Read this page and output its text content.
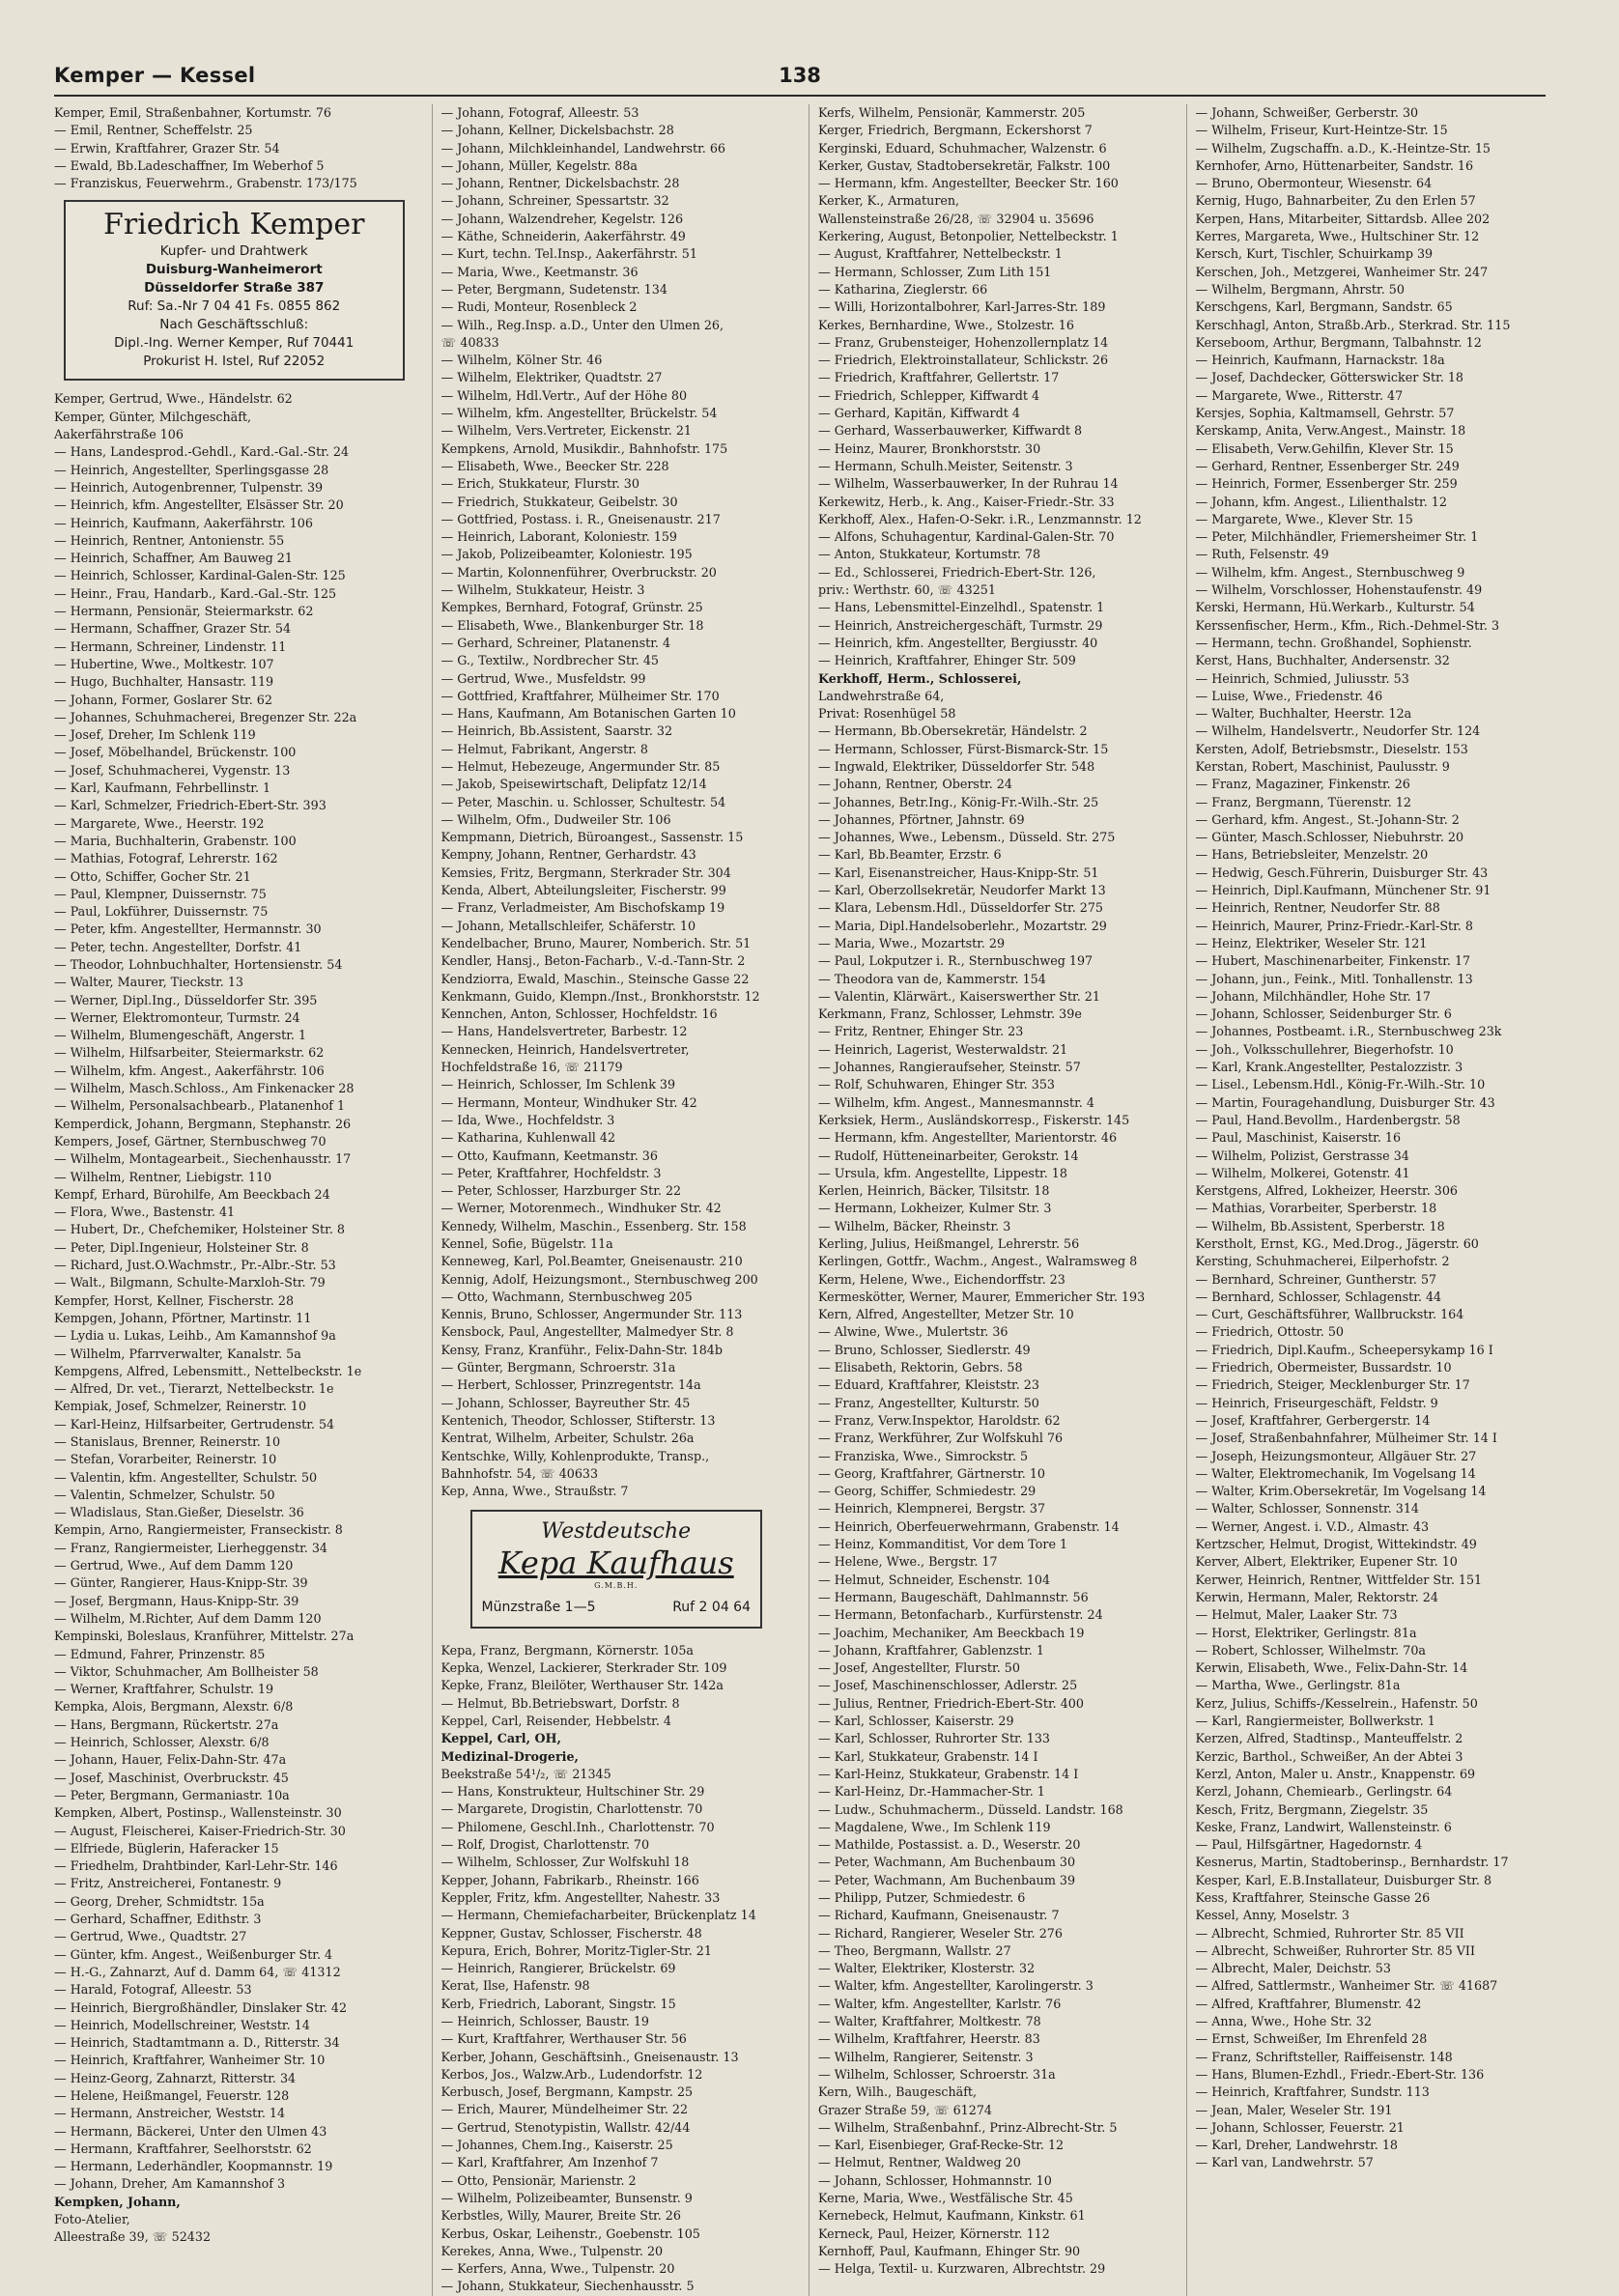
Kemper — Kessel	138
Kemper, Emil, Straßenbahner, Kortumstr. 76
— Emil, Rentner, Scheffelstr. 25
— Erwin, Kraftfahrer, Grazer Str. 54
— Ewald, Bb.Ladeschaffner, Im Weberhof 5
— Franziskus, Feuerwehrm., Grabenstr. 173/175
Friedrich Kemper
Kupfer- und Drahtwerk
Duisburg-Wanheimerort
Düsseldorfer Straße 387
Ruf: Sa.-Nr 7 04 41 Fs. 0855 862
Nach Geschäftsschluß:
Dipl.-Ing. Werner Kemper, Ruf 70441
Prokurist H. Istel, Ruf 22052
Kemper, Gertrud, Wwe., Händelstr. 62
Kemper, Günter, Milchgeschäft,
Aakerfährstraße 106
— Hans, Landesprod.-Gehdl., Kard.-Gal.-Str. 24
— Heinrich, Angestellter, Sperlingsgasse 28
— Heinrich, Autogenbrenner, Tulpenstr. 39
— Heinrich, kfm. Angestellter, Elsässer Str. 20
— Heinrich, Kaufmann, Aakerfährstr. 106
— Heinrich, Rentner, Antonienstr. 55
— Heinrich, Schaffner, Am Bauweg 21
— Heinrich, Schlosser, Kardinal-Galen-Str. 125
— Heinr., Frau, Handarb., Kard.-Gal.-Str. 125
— Hermann, Pensionär, Steiermarkstr. 62
— Hermann, Schaffner, Grazer Str. 54
— Hermann, Schreiner, Lindenstr. 11
— Hubertine, Wwe., Moltkestr. 107
— Hugo, Buchhalter, Hansastr. 119
— Johann, Former, Goslarer Str. 62
— Johannes, Schuhmacherei, Bregenzer Str. 22a
— Josef, Dreher, Im Schlenk 119
— Josef, Möbelhandel, Brückenstr. 100
— Josef, Schuhmacherei, Vygenstr. 13
— Karl, Kaufmann, Fehrbellinstr. 1
— Karl, Schmelzer, Friedrich-Ebert-Str. 393
— Margarete, Wwe., Heerstr. 192
— Maria, Buchhalterin, Grabenstr. 100
— Mathias, Fotograf, Lehrerstr. 162
— Otto, Schiffer, Gocher Str. 21
— Paul, Klempner, Duissernstr. 75
— Paul, Lokführer, Duissernstr. 75
— Peter, kfm. Angestellter, Hermannstr. 30
— Peter, techn. Angestellter, Dorfstr. 41
— Theodor, Lohnbuchhalter, Hortensienstr. 54
— Walter, Maurer, Tieckstr. 13
— Werner, Dipl.Ing., Düsseldorfer Str. 395
— Werner, Elektromonteur, Turmstr. 24
— Wilhelm, Blumengeschäft, Angerstr. 1
— Wilhelm, Hilfsarbeiter, Steiermarkstr. 62
— Wilhelm, kfm. Angest., Aakerfährstr. 106
— Wilhelm, Masch.Schloss., Am Finkenacker 28
— Wilhelm, Personalsachbearb., Platanenhof 1
Kemperdick, Johann, Bergmann, Stephanstr. 26
Kempers, Josef, Gärtner, Sternbuschweg 70
— Wilhelm, Montagearbeit., Siechenhausstr. 17
— Wilhelm, Rentner, Liebigstr. 110
Kempf, Erhard, Bürohilfe, Am Beeckbach 24
— Flora, Wwe., Bastenstr. 41
— Hubert, Dr., Chefchemiker, Holsteiner Str. 8
— Peter, Dipl.Ingenieur, Holsteiner Str. 8
— Richard, Just.O.Wachmstr., Pr.-Albr.-Str. 53
— Walt., Bilgmann, Schulte-Marxloh-Str. 79
Kempfer, Horst, Kellner, Fischerstr. 28
Kempgen, Johann, Pförtner, Martinstr. 11
— Lydia u. Lukas, Leihb., Am Kamannshof 9a
— Wilhelm, Pfarrverwalter, Kanalstr. 5a
Kempgens, Alfred, Lebensmitt., Nettelbeckstr. 1e
— Alfred, Dr. vet., Tierarzt, Nettelbeckstr. 1e
Kempiak, Josef, Schmelzer, Reinerstr. 10
— Karl-Heinz, Hilfsarbeiter, Gertrudenstr. 54
— Stanislaus, Brenner, Reinerstr. 10
— Stefan, Vorarbeiter, Reinerstr. 10
— Valentin, kfm. Angestellter, Schulstr. 50
— Valentin, Schmelzer, Schulstr. 50
— Wladislaus, Stan.Gießer, Dieselstr. 36
Kempin, Arno, Rangiermeister, Franseckistr. 8
— Franz, Rangiermeister, Lierheggenstr. 34
— Gertrud, Wwe., Auf dem Damm 120
— Günter, Rangierer, Haus-Knipp-Str. 39
— Josef, Bergmann, Haus-Knipp-Str. 39
— Wilhelm, M.Richter, Auf dem Damm 120
Kempinski, Boleslaus, Kranführer, Mittelstr. 27a
— Edmund, Fahrer, Prinzenstr. 85
— Viktor, Schuhmacher, Am Bollheister 58
— Werner, Kraftfahrer, Schulstr. 19
Kempka, Alois, Bergmann, Alexstr. 6/8
— Hans, Bergmann, Rückertstr. 27a
— Heinrich, Schlosser, Alexstr. 6/8
— Johann, Hauer, Felix-Dahn-Str. 47a
— Josef, Maschinist, Overbruckstr. 45
— Peter, Bergmann, Germaniastr. 10a
Kempken, Albert, Postinsp., Wallensteinstr. 30
— August, Fleischerei, Kaiser-Friedrich-Str. 30
— Elfriede, Büglerin, Haferacker 15
— Friedhelm, Drahtbinder, Karl-Lehr-Str. 146
— Fritz, Anstreicherei, Fontanestr. 9
— Georg, Dreher, Schmidtstr. 15a
— Gerhard, Schaffner, Edithstr. 3
— Gertrud, Wwe., Quadtstr. 27
— Günter, kfm. Angest., Weißenburger Str. 4
— H.-G., Zahnarzt, Auf d. Damm 64, ☏ 41312
— Harald, Fotograf, Alleestr. 53
— Heinrich, Biergroßhändler, Dinslaker Str. 42
— Heinrich, Modellschreiner, Weststr. 14
— Heinrich, Stadtamtmann a. D., Ritterstr. 34
— Heinrich, Kraftfahrer, Wanheimer Str. 10
— Heinz-Georg, Zahnarzt, Ritterstr. 34
— Helene, Heißmangel, Feuerstr. 128
— Hermann, Anstreicher, Weststr. 14
— Hermann, Bäckerei, Unter den Ulmen 43
— Hermann, Kraftfahrer, Seelhorststr. 62
— Hermann, Lederhändler, Koopmannstr. 19
— Johann, Dreher, Am Kamannshof 3
Kempken, Johann,
Foto-Atelier,
Alleestraße 39, ☏ 52432
— Johann, Fotograf, Alleestr. 53
— Johann, Kellner, Dickelsbachstr. 28
— Johann, Milchkleinhandel, Landwehrstr. 66
— Johann, Müller, Kegelstr. 88a
— Johann, Rentner, Dickelsbachstr. 28
— Johann, Schreiner, Spessartstr. 32
— Johann, Walzendreher, Kegelstr. 126
— Käthe, Schneiderin, Aakerfährstr. 49
— Kurt, techn. Tel.Insp., Aakerfährstr. 51
— Maria, Wwe., Keetmanstr. 36
— Peter, Bergmann, Sudetenstr. 134
— Rudi, Monteur, Rosenbleck 2
— Wilh., Reg.Insp. a.D., Unter den Ulmen 26,
☏ 40833
— Wilhelm, Kölner Str. 46
— Wilhelm, Elektriker, Quadtstr. 27
— Wilhelm, Hdl.Vertr., Auf der Höhe 80
— Wilhelm, kfm. Angestellter, Brückelstr. 54
— Wilhelm, Vers.Vertreter, Eickenstr. 21
Kempkens, Arnold, Musikdir., Bahnhofstr. 175
— Elisabeth, Wwe., Beecker Str. 228
— Erich, Stukkateur, Flurstr. 30
— Friedrich, Stukkateur, Geibelstr. 30
— Gottfried, Postass. i. R., Gneisenaustr. 217
— Heinrich, Laborant, Koloniestr. 159
— Jakob, Polizeibeamter, Koloniestr. 195
— Martin, Kolonnenführer, Overbruckstr. 20
— Wilhelm, Stukkateur, Heistr. 3
Kempkes, Bernhard, Fotograf, Grünstr. 25
— Elisabeth, Wwe., Blankenburger Str. 18
— Gerhard, Schreiner, Platanenstr. 4
— G., Textilw., Nordbrecher Str. 45
— Gertrud, Wwe., Musfeldstr. 99
— Gottfried, Kraftfahrer, Mülheimer Str. 170
— Hans, Kaufmann, Am Botanischen Garten 10
— Heinrich, Bb.Assistent, Saarstr. 32
— Helmut, Fabrikant, Angerstr. 8
— Helmut, Hebezeuge, Angermunder Str. 85
— Jakob, Speisewirtschaft, Delipfatz 12/14
— Peter, Maschin. u. Schlosser, Schultestr. 54
— Wilhelm, Ofm., Dudweiler Str. 106
Kempmann, Dietrich, Büroangest., Sassenstr. 15
Kempny, Johann, Rentner, Gerhardstr. 43
Kemsies, Fritz, Bergmann, Sterkrader Str. 304
Kenda, Albert, Abteilungsleiter, Fischerstr. 99
— Franz, Verladmeister, Am Bischofskamp 19
— Johann, Metallschleifer, Schäferstr. 10
Kendelbacher, Bruno, Maurer, Nomberich. Str. 51
Kendler, Hansj., Beton-Facharb., V.-d.-Tann-Str. 2
Kendziorra, Ewald, Maschin., Steinsche Gasse 22
Kenkmann, Guido, Klempn./Inst., Bronkhorststr. 12
Kennchen, Anton, Schlosser, Hochfeldstr. 16
— Hans, Handelsvertreter, Barbestr. 12
Kennecken, Heinrich, Handelsvertreter,
Hochfeldstraße 16, ☏ 21179
— Heinrich, Schlosser, Im Schlenk 39
— Hermann, Monteur, Windhuker Str. 42
— Ida, Wwe., Hochfeldstr. 3
— Katharina, Kuhlenwall 42
— Otto, Kaufmann, Keetmanstr. 36
— Peter, Kraftfahrer, Hochfeldstr. 3
— Peter, Schlosser, Harzburger Str. 22
— Werner, Motorenmech., Windhuker Str. 42
Kennedy, Wilhelm, Maschin., Essenberg. Str. 158
Kennel, Sofie, Bügelstr. 11a
Kenneweg, Karl, Pol.Beamter, Gneisenaustr. 210
Kennig, Adolf, Heizungsmont., Sternbuschweg 200
— Otto, Wachmann, Sternbuschweg 205
Kennis, Bruno, Schlosser, Angermunder Str. 113
Kensbock, Paul, Angestellter, Malmedyer Str. 8
Kensy, Franz, Kranführ., Felix-Dahn-Str. 184b
— Günter, Bergmann, Schroerstr. 31a
— Herbert, Schlosser, Prinzregentstr. 14a
— Johann, Schlosser, Bayreuther Str. 45
Kentenich, Theodor, Schlosser, Stifterstr. 13
Kentrat, Wilhelm, Arbeiter, Schulstr. 26a
Kentschke, Willy, Kohlenprodukte, Transp.,
Bahnhofstr. 54, ☏ 40633
Kep, Anna, Wwe., Straußstr. 7
Westdeutsche
Kepa Kaufhaus
G.M.B.H.
Münzstraße 1—5	Ruf 2 04 64
Kepa, Franz, Bergmann, Körnerstr. 105a
Kepka, Wenzel, Lackierer, Sterkrader Str. 109
Kepke, Franz, Bleilöter, Werthauser Str. 142a
— Helmut, Bb.Betriebswart, Dorfstr. 8
Keppel, Carl, Reisender, Hebbelstr. 4
Keppel, Carl, OH,
Medizinal-Drogerie,
Beekstraße 54¹/₂, ☏ 21345
— Hans, Konstrukteur, Hultschiner Str. 29
— Margarete, Drogistin, Charlottenstr. 70
— Philomene, Geschl.Inh., Charlottenstr. 70
— Rolf, Drogist, Charlottenstr. 70
— Wilhelm, Schlosser, Zur Wolfskuhl 18
Kepper, Johann, Fabrikarb., Rheinstr. 166
Keppler, Fritz, kfm. Angestellter, Nahestr. 33
— Hermann, Chemiefacharbeiter, Brückenplatz 14
Keppner, Gustav, Schlosser, Fischerstr. 48
Kepura, Erich, Bohrer, Moritz-Tigler-Str. 21
— Heinrich, Rangierer, Brückelstr. 69
Kerat, Ilse, Hafenstr. 98
Kerb, Friedrich, Laborant, Singstr. 15
— Heinrich, Schlosser, Baustr. 19
— Kurt, Kraftfahrer, Werthauser Str. 56
Kerber, Johann, Geschäftsinh., Gneisenaustr. 13
Kerbos, Jos., Walzw.Arb., Ludendorfstr. 12
Kerbusch, Josef, Bergmann, Kampstr. 25
— Erich, Maurer, Mündelheimer Str. 22
— Gertrud, Stenotypistin, Wallstr. 42/44
— Johannes, Chem.Ing., Kaiserstr. 25
— Karl, Kraftfahrer, Am Inzenhof 7
— Otto, Pensionär, Marienstr. 2
— Wilhelm, Polizeibeamter, Bunsenstr. 9
Kerbstles, Willy, Maurer, Breite Str. 26
Kerbus, Oskar, Leihenstr., Goebenstr. 105
Kerekes, Anna, Wwe., Tulpenstr. 20
— Kerfers, Anna, Wwe., Tulpenstr. 20
— Johann, Stukkateur, Siechenhausstr. 5
Kerfs, Wilhelm, Pensionär, Kammerstr. 205
Kerger, Friedrich, Bergmann, Eckershorst 7
Kerginski, Eduard, Schuhmacher, Walzenstr. 6
Kerker, Gustav, Stadtobersekretär, Falkstr. 100
— Hermann, kfm. Angestellter, Beecker Str. 160
Kerker, K., Armaturen,
Wallensteinstraße 26/28, ☏ 32904 u. 35696
Kerkering, August, Betonpolier, Nettelbeckstr. 1
— August, Kraftfahrer, Nettelbeckstr. 1
— Hermann, Schlosser, Zum Lith 151
— Katharina, Zieglerstr. 66
— Willi, Horizontalbohrer, Karl-Jarres-Str. 189
Kerkes, Bernhardine, Wwe., Stolzestr. 16
— Franz, Grubensteiger, Hohenzollernplatz 14
— Friedrich, Elektroinstallateur, Schlickstr. 26
— Friedrich, Kraftfahrer, Gellertstr. 17
— Friedrich, Schlepper, Kiffwardt 4
— Gerhard, Kapitän, Kiffwardt 4
— Gerhard, Wasserbauwerker, Kiffwardt 8
— Heinz, Maurer, Bronkhorststr. 30
— Hermann, Schulh.Meister, Seitenstr. 3
— Wilhelm, Wasserbauwerker, In der Ruhrau 14
Kerkewitz, Herb., k. Ang., Kaiser-Friedr.-Str. 33
Kerkhoff, Alex., Hafen-O-Sekr. i.R., Lenzmannstr. 12
— Alfons, Schuhagentur, Kardinal-Galen-Str. 70
— Anton, Stukkateur, Kortumstr. 78
— Ed., Schlosserei, Friedrich-Ebert-Str. 126,
priv.: Werthstr. 60, ☏ 43251
— Hans, Lebensmittel-Einzelhdl., Spatenstr. 1
— Heinrich, Anstreichergeschäft, Turmstr. 29
— Heinrich, kfm. Angestellter, Bergiusstr. 40
— Heinrich, Kraftfahrer, Ehinger Str. 509
Kerkhoff, Herm., Schlosserei,
Landwehrstraße 64,
Privat: Rosenhügel 58
— Hermann, Bb.Obersekretär, Händelstr. 2
— Hermann, Schlosser, Fürst-Bismarck-Str. 15
— Ingwald, Elektriker, Düsseldorfer Str. 548
— Johann, Rentner, Oberstr. 24
— Johannes, Betr.Ing., König-Fr.-Wilh.-Str. 25
— Johannes, Pförtner, Jahnstr. 69
— Johannes, Wwe., Lebensm., Düsseld. Str. 275
— Karl, Bb.Beamter, Erzstr. 6
— Karl, Eisenanstreicher, Haus-Knipp-Str. 51
— Karl, Oberzollsekretär, Neudorfer Markt 13
— Klara, Lebensm.Hdl., Düsseldorfer Str. 275
— Maria, Dipl.Handelsoberlehr., Mozartstr. 29
— Maria, Wwe., Mozartstr. 29
— Paul, Lokputzer i. R., Sternbuschweg 197
— Theodora van de, Kammerstr. 154
— Valentin, Klärwärt., Kaiserswerther Str. 21
Kerkmann, Franz, Schlosser, Lehmstr. 39e
— Fritz, Rentner, Ehinger Str. 23
— Heinrich, Lagerist, Westerwaldstr. 21
— Johannes, Rangieraufseher, Steinstr. 57
— Rolf, Schuhwaren, Ehinger Str. 353
— Wilhelm, kfm. Angest., Mannesmannstr. 4
Kerksiek, Herm., Ausländskorresp., Fiskerstr. 145
— Hermann, kfm. Angestellter, Marientorstr. 46
— Rudolf, Hütteneinarbeiter, Gerokstr. 14
— Ursula, kfm. Angestellte, Lippestr. 18
Kerlen, Heinrich, Bäcker, Tilsitstr. 18
— Hermann, Lokheizer, Kulmer Str. 3
— Wilhelm, Bäcker, Rheinstr. 3
Kerling, Julius, Heißmangel, Lehrerstr. 56
Kerlingen, Gottfr., Wachm., Angest., Walramsweg 8
Kerm, Helene, Wwe., Eichendorffstr. 23
Kermeskötter, Werner, Maurer, Emmericher Str. 193
Kern, Alfred, Angestellter, Metzer Str. 10
— Alwine, Wwe., Mulertstr. 36
— Bruno, Schlosser, Siedlerstr. 49
— Elisabeth, Rektorin, Gebrs. 58
— Eduard, Kraftfahrer, Kleiststr. 23
— Franz, Angestellter, Kulturstr. 50
— Franz, Verw.Inspektor, Haroldstr. 62
— Franz, Werkführer, Zur Wolfskuhl 76
— Franziska, Wwe., Simrockstr. 5
— Georg, Kraftfahrer, Gärtnerstr. 10
— Georg, Schiffer, Schmiedestr. 29
— Heinrich, Klempnerei, Bergstr. 37
— Heinrich, Oberfeuerwehrmann, Grabenstr. 14
— Heinz, Kommanditist, Vor dem Tore 1
— Helene, Wwe., Bergstr. 17
— Helmut, Schneider, Eschenstr. 104
— Hermann, Baugeschäft, Dahlmannstr. 56
— Hermann, Betonfacharb., Kurfürstenstr. 24
— Joachim, Mechaniker, Am Beeckbach 19
— Johann, Kraftfahrer, Gablenzstr. 1
— Josef, Angestellter, Flurstr. 50
— Josef, Maschinenschlosser, Adlerstr. 25
— Julius, Rentner, Friedrich-Ebert-Str. 400
— Karl, Schlosser, Kaiserstr. 29
— Karl, Schlosser, Ruhrorter Str. 133
— Karl, Stukkateur, Grabenstr. 14 I
— Karl-Heinz, Stukkateur, Grabenstr. 14 I
— Karl-Heinz, Dr.-Hammacher-Str. 1
— Ludw., Schuhmacherm., Düsseld. Landstr. 168
— Magdalene, Wwe., Im Schlenk 119
— Mathilde, Postassist. a. D., Weserstr. 20
— Peter, Wachmann, Am Buchenbaum 30
— Peter, Wachmann, Am Buchenbaum 39
— Philipp, Putzer, Schmiedestr. 6
— Richard, Kaufmann, Gneisenaustr. 7
— Richard, Rangierer, Weseler Str. 276
— Theo, Bergmann, Wallstr. 27
— Walter, Elektriker, Klosterstr. 32
— Walter, kfm. Angestellter, Karolingerstr. 3
— Walter, kfm. Angestellter, Karlstr. 76
— Walter, Kraftfahrer, Moltkestr. 78
— Wilhelm, Kraftfahrer, Heerstr. 83
— Wilhelm, Rangierer, Seitenstr. 3
— Wilhelm, Schlosser, Schroerstr. 31a
Kern, Wilh., Baugeschäft,
Grazer Straße 59, ☏ 61274
— Wilhelm, Straßenbahnf., Prinz-Albrecht-Str. 5
— Karl, Eisenbieger, Graf-Recke-Str. 12
— Helmut, Rentner, Waldweg 20
— Johann, Schlosser, Hohmannstr. 10
Kerne, Maria, Wwe., Westfälische Str. 45
Kernebeck, Helmut, Kaufmann, Kinkstr. 61
Kerneck, Paul, Heizer, Körnerstr. 112
Kernhoff, Paul, Kaufmann, Ehinger Str. 90
— Helga, Textil- u. Kurzwaren, Albrechtstr. 29
— Johann, Schweißer, Gerberstr. 30
— Wilhelm, Friseur, Kurt-Heintze-Str. 15
— Wilhelm, Zugschaffn. a.D., K.-Heintze-Str. 15
Kernhofer, Arno, Hüttenarbeiter, Sandstr. 16
— Bruno, Obermonteur, Wiesenstr. 64
Kernig, Hugo, Bahnarbeiter, Zu den Erlen 57
Kerpen, Hans, Mitarbeiter, Sittardsb. Allee 202
Kerres, Margareta, Wwe., Hultschiner Str. 12
Kersch, Kurt, Tischler, Schuirkamp 39
Kerschen, Joh., Metzgerei, Wanheimer Str. 247
— Wilhelm, Bergmann, Ahrstr. 50
Kerschgens, Karl, Bergmann, Sandstr. 65
Kerschhagl, Anton, Straßb.Arb., Sterkrad. Str. 115
Kerseboom, Arthur, Bergmann, Talbahnstr. 12
— Heinrich, Kaufmann, Harnackstr. 18a
— Josef, Dachdecker, Götterswicker Str. 18
— Margarete, Wwe., Ritterstr. 47
Kersjes, Sophia, Kaltmamsell, Gehrstr. 57
Kerskamp, Anita, Verw.Angest., Mainstr. 18
— Elisabeth, Verw.Gehilfin, Klever Str. 15
— Gerhard, Rentner, Essenberger Str. 249
— Heinrich, Former, Essenberger Str. 259
— Johann, kfm. Angest., Lilienthalstr. 12
— Margarete, Wwe., Klever Str. 15
— Peter, Milchhändler, Friemersheimer Str. 1
— Ruth, Felsenstr. 49
— Wilhelm, kfm. Angest., Sternbuschweg 9
— Wilhelm, Vorschlosser, Hohenstaufenstr. 49
Kerski, Hermann, Hü.Werkarb., Kulturstr. 54
Kerssenfischer, Herm., Kfm., Rich.-Dehmel-Str. 3
— Hermann, techn. Großhandel, Sophienstr.
Kerst, Hans, Buchhalter, Andersenstr. 32
— Heinrich, Schmied, Juliusstr. 53
— Luise, Wwe., Friedenstr. 46
— Walter, Buchhalter, Heerstr. 12a
— Wilhelm, Handelsvertr., Neudorfer Str. 124
Kersten, Adolf, Betriebsmstr., Dieselstr. 153
Kerstan, Robert, Maschinist, Paulusstr. 9
— Franz, Magaziner, Finkenstr. 26
— Franz, Bergmann, Tüerenstr. 12
— Gerhard, kfm. Angest., St.-Johann-Str. 2
— Günter, Masch.Schlosser, Niebuhrstr. 20
— Hans, Betriebsleiter, Menzelstr. 20
— Hedwig, Gesch.Führerin, Duisburger Str. 43
— Heinrich, Dipl.Kaufmann, Münchener Str. 91
— Heinrich, Rentner, Neudorfer Str. 88
— Heinrich, Maurer, Prinz-Friedr.-Karl-Str. 8
— Heinz, Elektriker, Weseler Str. 121
— Hubert, Maschinenarbeiter, Finkenstr. 17
— Johann, jun., Feink., Mitl. Tonhallenstr. 13
— Johann, Milchhändler, Hohe Str. 17
— Johann, Schlosser, Seidenburger Str. 6
— Johannes, Postbeamt. i.R., Sternbuschweg 23k
— Joh., Volksschullehrer, Biegerhofstr. 10
— Karl, Krank.Angestellter, Pestalozzistr. 3
— Lisel., Lebensm.Hdl., König-Fr.-Wilh.-Str. 10
— Martin, Fouragehandlung, Duisburger Str. 43
— Paul, Hand.Bevollm., Hardenbergstr. 58
— Paul, Maschinist, Kaiserstr. 16
— Wilhelm, Polizist, Gerstrasse 34
— Wilhelm, Molkerei, Gotenstr. 41
Kerstgens, Alfred, Lokheizer, Heerstr. 306
— Mathias, Vorarbeiter, Sperberstr. 18
— Wilhelm, Bb.Assistent, Sperberstr. 18
Kerstholt, Ernst, KG., Med.Drog., Jägerstr. 60
Kersting, Schuhmacherei, Eilperhofstr. 2
— Bernhard, Schreiner, Guntherstr. 57
— Bernhard, Schlosser, Schlagenstr. 44
— Curt, Geschäftsführer, Wallbruckstr. 164
— Friedrich, Ottostr. 50
— Friedrich, Dipl.Kaufm., Scheepersykamp 16 I
— Friedrich, Obermeister, Bussardstr. 10
— Friedrich, Steiger, Mecklenburger Str. 17
— Heinrich, Friseurgeschäft, Feldstr. 9
— Josef, Kraftfahrer, Gerbergerstr. 14
— Josef, Straßenbahnfahrer, Mülheimer Str. 14 I
— Joseph, Heizungsmonteur, Allgäuer Str. 27
— Walter, Elektromechanik, Im Vogelsang 14
— Walter, Krim.Obersekretär, Im Vogelsang 14
— Walter, Schlosser, Sonnenstr. 314
— Werner, Angest. i. V.D., Almastr. 43
Kertzscher, Helmut, Drogist, Wittekindstr. 49
Kerver, Albert, Elektriker, Eupener Str. 10
Kerwer, Heinrich, Rentner, Wittfelder Str. 151
Kerwin, Hermann, Maler, Rektorstr. 24
— Helmut, Maler, Laaker Str. 73
— Horst, Elektriker, Gerlingstr. 81a
— Robert, Schlosser, Wilhelmstr. 70a
Kerwin, Elisabeth, Wwe., Felix-Dahn-Str. 14
— Martha, Wwe., Gerlingstr. 81a
Kerz, Julius, Schiffs-/Kesselrein., Hafenstr. 50
— Karl, Rangiermeister, Bollwerkstr. 1
Kerzen, Alfred, Stadtinsp., Manteuffelstr. 2
Kerzic, Barthol., Schweißer, An der Abtei 3
Kerzl, Anton, Maler u. Anstr., Knappenstr. 69
Kerzl, Johann, Chemiearb., Gerlingstr. 64
Kesch, Fritz, Bergmann, Ziegelstr. 35
Keske, Franz, Landwirt, Wallensteinstr. 6
— Paul, Hilfsgärtner, Hagedornstr. 4
Kesnerus, Martin, Stadtoberinsp., Bernhardstr. 17
Kesper, Karl, E.B.Installateur, Duisburger Str. 8
Kess, Kraftfahrer, Steinsche Gasse 26
Kessel, Anny, Moselstr. 3
— Albrecht, Schmied, Ruhrorter Str. 85 VII
— Albrecht, Schweißer, Ruhrorter Str. 85 VII
— Albrecht, Maler, Deichstr. 53
— Alfred, Sattlermstr., Wanheimer Str. ☏ 41687
— Alfred, Kraftfahrer, Blumenstr. 42
— Anna, Wwe., Hohe Str. 32
— Ernst, Schweißer, Im Ehrenfeld 28
— Franz, Schriftsteller, Raiffeisenstr. 148
— Hans, Blumen-Ezhdl., Friedr.-Ebert-Str. 136
— Heinrich, Kraftfahrer, Sundstr. 113
— Jean, Maler, Weseler Str. 191
— Johann, Schlosser, Feuerstr. 21
— Karl, Dreher, Landwehrstr. 18
— Karl van, Landwehrstr. 57
